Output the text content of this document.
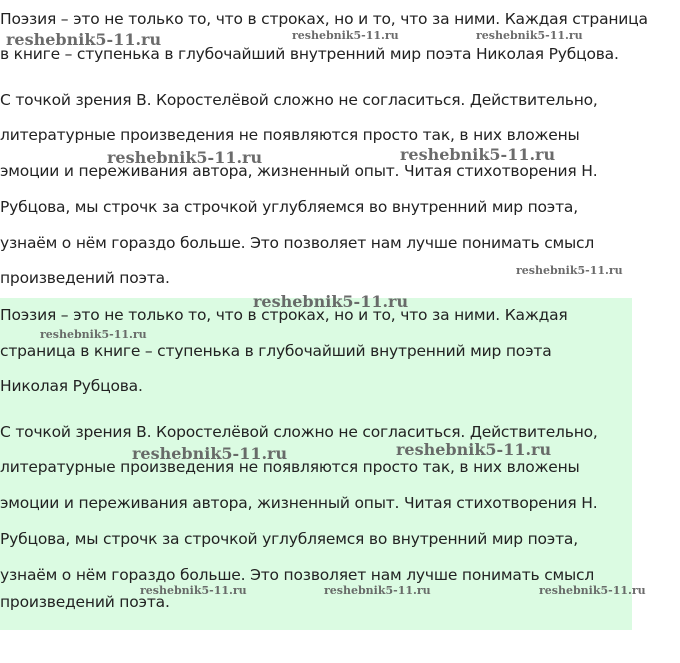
Поэзия – это не только то, что в строках, но и то, что за ними. Каждая страница

в книге – ступенька в глубочайший внутренний мир поэта Николая Рубцова.

С точкой зрения В. Коростелёвой сложно не согласиться. Действительно,

литературные произведения не появляются просто так, в них вложены

эмоции и переживания автора, жизненный опыт. Читая стихотворения Н.

Рубцова, мы строчк за строчкой углубляемся во внутренний мир поэта,

узнаём о нём гораздо больше. Это позволяет нам лучше понимать смысл

произведений поэта.

Поэзия – это не только то, что в строках, но и то, что за ними. Каждая

страница в книге – ступенька в глубочайший внутренний мир поэта

Николая Рубцова.

С точкой зрения В. Коростелёвой сложно не согласиться. Действительно,

литературные произведения не появляются просто так, в них вложены

эмоции и переживания автора, жизненный опыт. Читая стихотворения Н.

Рубцова, мы строчк за строчкой углубляемся во внутренний мир поэта,

узнаём о нём гораздо больше. Это позволяет нам лучше понимать смысл

произведений поэта.

reshebnik5-11.ru	reshebnik5-11.ru	reshebnik5-11.ru
reshebnik5-11.ru	reshebnik5-11.ru
reshebnik5-11.ru
reshebnik5-11.ru
reshebnik5-11.ru
reshebnik5-11.ru	reshebnik5-11.ru
reshebnik5-11.ru	reshebnik5-11.ru	reshebnik5-11.ru
